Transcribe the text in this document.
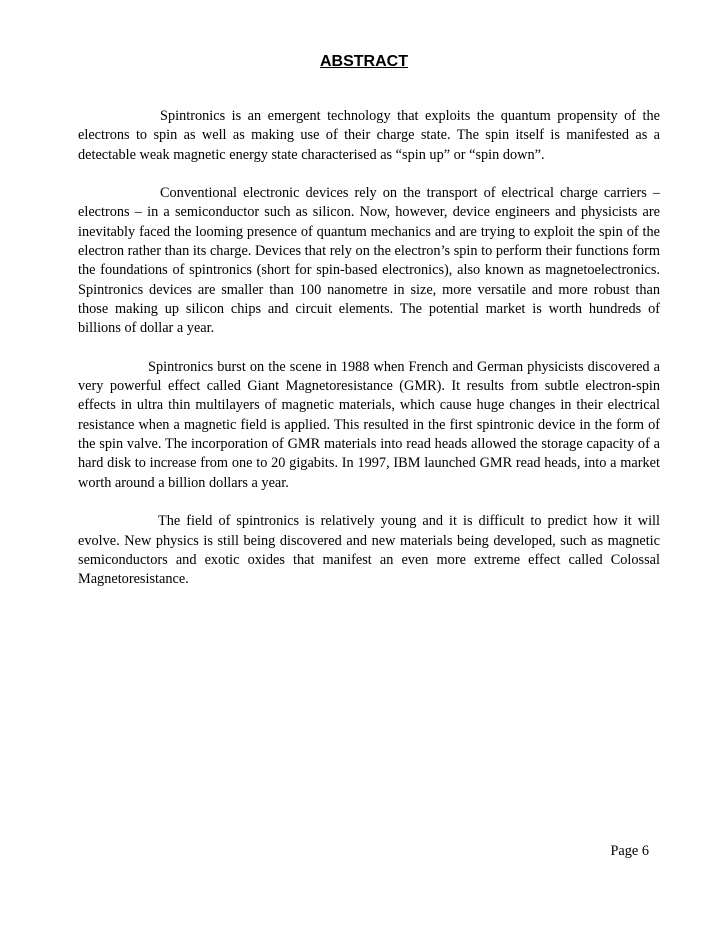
ABSTRACT

Spintronics is an emergent technology that exploits the quantum propensity of the electrons to spin as well as making use of their charge state. The spin itself is manifested as a detectable weak magnetic energy state characterised as “spin up” or “spin down”.

Conventional electronic devices rely on the transport of electrical charge carriers – electrons – in a semiconductor such as silicon. Now, however, device engineers and physicists are inevitably faced the looming presence of quantum mechanics and are trying to exploit the spin of the electron rather than its charge. Devices that rely on the electron’s spin to perform their functions form the foundations of spintronics (short for spin-based electronics), also known as magnetoelectronics. Spintronics devices are smaller than 100 nanometre in size, more versatile and more robust than those making up silicon chips and circuit elements. The potential market is worth hundreds of billions of dollar a year.

Spintronics burst on the scene in 1988 when French and German physicists discovered a very powerful effect called Giant Magnetoresistance (GMR). It results from subtle electron-spin effects in ultra thin multilayers of magnetic materials, which cause huge changes in their electrical resistance when a magnetic field is applied. This resulted in the first spintronic device in the form of the spin valve. The incorporation of GMR materials into read heads allowed the storage capacity of a hard disk to increase from one to 20 gigabits. In 1997, IBM launched GMR read heads, into a market worth around a billion dollars a year.

The field of spintronics is relatively young and it is difficult to predict how it will evolve. New physics is still being discovered and new materials being developed, such as magnetic semiconductors and exotic oxides that manifest an even more extreme effect called Colossal Magnetoresistance.

Page 6
